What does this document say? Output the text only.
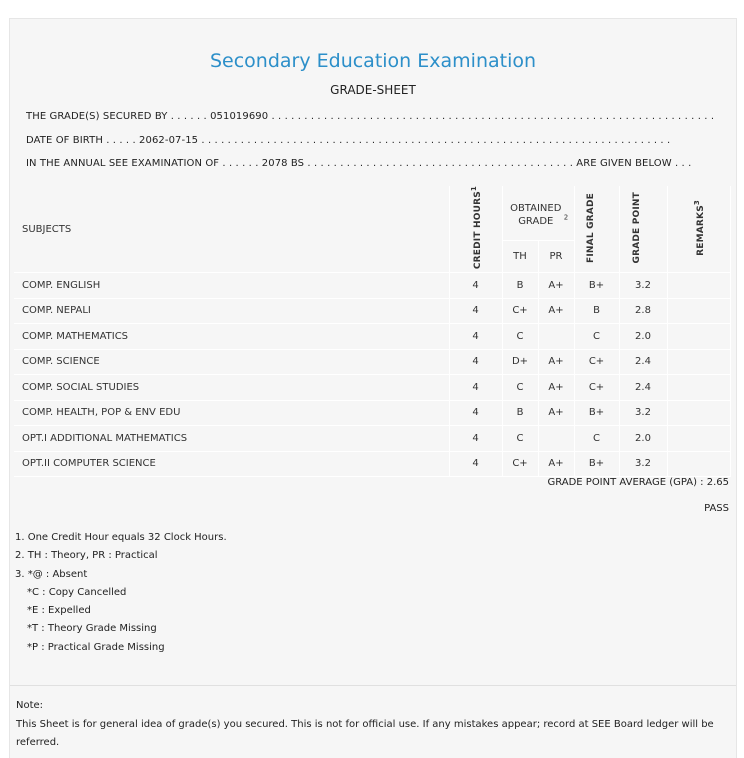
Secondary Education Examination
GRADE-SHEET
THE GRADE(S) SECURED BY . . . . . . 051019690 . . . . . . . . . . . . . . . . . . . . . . . . . . . . . . . . . . . . . . . . . . . . . . . . . . . . . . . . . . . . . . . . . . . .
DATE OF BIRTH . . . . . 2062-07-15 . . . . . . . . . . . . . . . . . . . . . . . . . . . . . . . . . . . . . . . . . . . . . . . . . . . . . . . . . . . . . . . . . . . . . . . .
IN THE ANNUAL SEE EXAMINATION OF . . . . . . 2078 BS . . . . . . . . . . . . . . . . . . . . . . . . . . . . . . . . . . . . . . . . . ARE GIVEN BELOW . . .
SUBJECTS	CREDIT HOURS$^1$	OBTAINED GRADE $^2$		FINAL GRADE	GRADE POINT	REMARKS$^3$
		TH	PR			
COMP. ENGLISH	4	B	A+	B+	3.2	
COMP. NEPALI	4	C+	A+	B	2.8	
COMP. MATHEMATICS	4	C		C	2.0	
COMP. SCIENCE	4	D+	A+	C+	2.4	
COMP. SOCIAL STUDIES	4	C	A+	C+	2.4	
COMP. HEALTH, POP & ENV EDU	4	B	A+	B+	3.2	
OPT.I ADDITIONAL MATHEMATICS	4	C		C	2.0	
OPT.II COMPUTER SCIENCE	4	C+	A+	B+	3.2	
GRADE POINT AVERAGE (GPA) : 2.65
PASS
1. One Credit Hour equals 32 Clock Hours.
2. TH : Theory, PR : Practical
3. *@ : Absent
*C : Copy Cancelled
*E : Expelled
*T : Theory Grade Missing
*P : Practical Grade Missing
Note:
This Sheet is for general idea of grade(s) you secured. This is not for official use. If any mistakes appear; record at SEE Board ledger will be referred.
